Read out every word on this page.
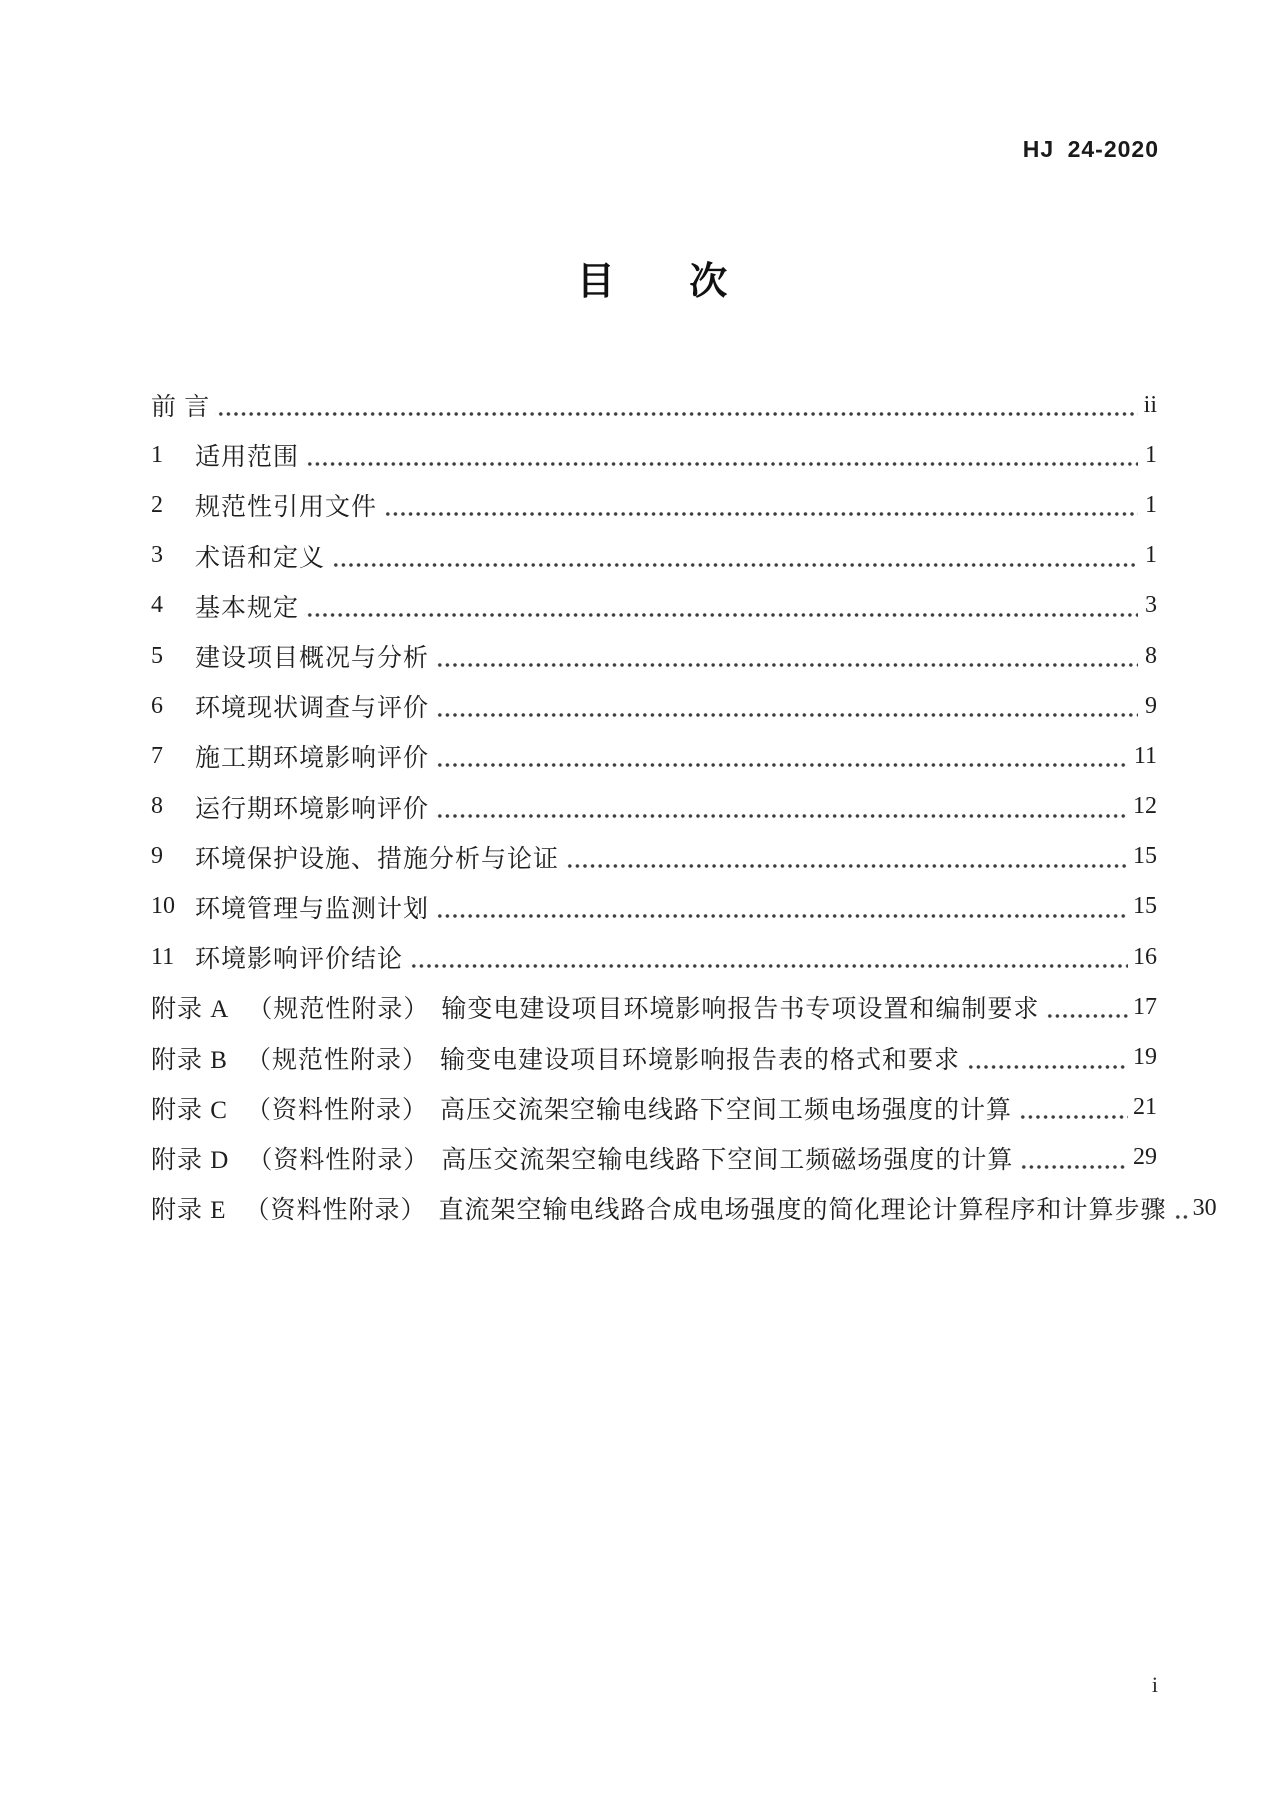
HJ 24-2020
目 次
前 言	ii
1	适用范围	1
2	规范性引用文件	1
3	术语和定义	1
4	基本规定	3
5	建设项目概况与分析	8
6	环境现状调查与评价	9
7	施工期环境影响评价	11
8	运行期环境影响评价	12
9	环境保护设施、措施分析与论证	15
10 环境管理与监测计划	15
11 环境影响评价结论	16
附录 A （规范性附录） 输变电建设项目环境影响报告书专项设置和编制要求	17
附录 B （规范性附录） 输变电建设项目环境影响报告表的格式和要求	19
附录 C （资料性附录） 高压交流架空输电线路下空间工频电场强度的计算	21
附录 D （资料性附录） 高压交流架空输电线路下空间工频磁场强度的计算	29
附录 E （资料性附录） 直流架空输电线路合成电场强度的简化理论计算程序和计算步骤 30
i
